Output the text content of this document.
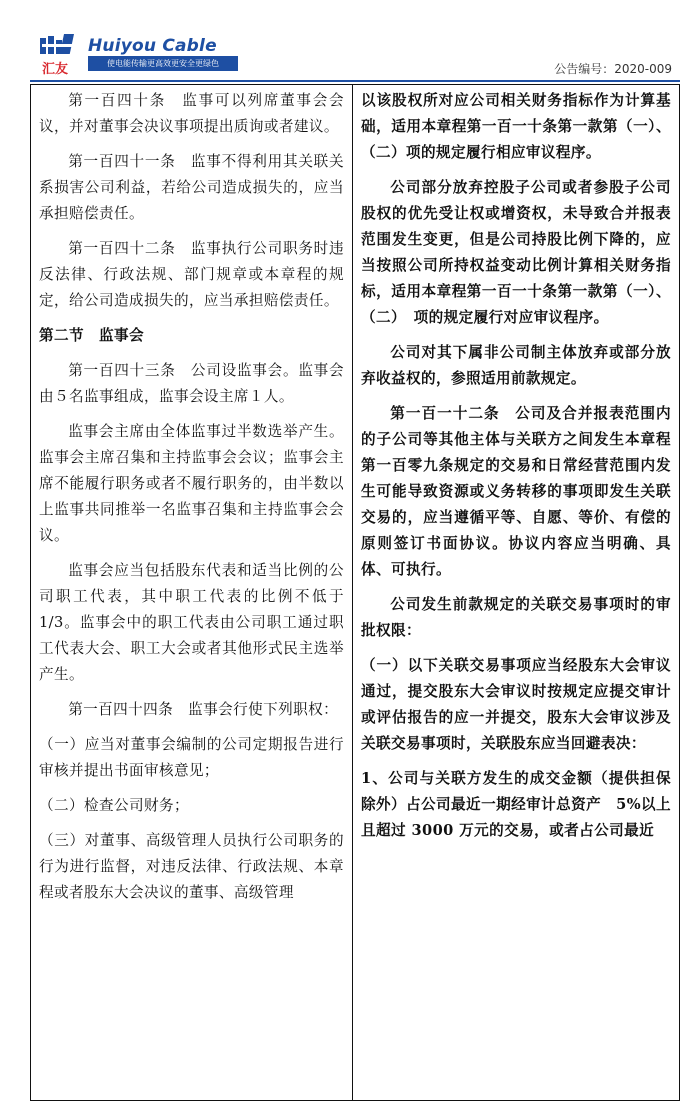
汇友
Huiyou Cable
使电能传输更高效更安全更绿色	公告编号：2020-009

第一百四十条　监事可以列席董事会会议，并对董事会决议事项提出质询或者建议。

第一百四十一条　监事不得利用其关联关系损害公司利益，若给公司造成损失的，应当承担赔偿责任。

第一百四十二条　监事执行公司职务时违反法律、行政法规、部门规章或本章程的规定，给公司造成损失的，应当承担赔偿责任。

第二节　监事会

第一百四十三条　公司设监事会。监事会由５名监事组成，监事会设主席１人。

监事会主席由全体监事过半数选举产生。监事会主席召集和主持监事会会议；监事会主席不能履行职务或者不履行职务的，由半数以上监事共同推举一名监事召集和主持监事会会议。

监事会应当包括股东代表和适当比例的公司职工代表，其中职工代表的比例不低于1/3。监事会中的职工代表由公司职工通过职工代表大会、职工大会或者其他形式民主选举产生。

第一百四十四条　监事会行使下列职权：

（一）应当对董事会编制的公司定期报告进行审核并提出书面审核意见；

（二）检查公司财务；

（三）对董事、高级管理人员执行公司职务的行为进行监督，对违反法律、行政法规、本章程或者股东大会决议的董事、高级管理

以该股权所对应公司相关财务指标作为计算基础，适用本章程第一百一十条第一款第（一）、（二）项的规定履行相应审议程序。

公司部分放弃控股子公司或者参股子公司股权的优先受让权或增资权，未导致合并报表范围发生变更，但是公司持股比例下降的，应当按照公司所持权益变动比例计算相关财务指标，适用本章程第一百一十条第一款第（一）、（二）　项的规定履行对应审议程序。

公司对其下属非公司制主体放弃或部分放弃收益权的，参照适用前款规定。

第一百一十二条　公司及合并报表范围内的子公司等其他主体与关联方之间发生本章程第一百零九条规定的交易和日常经营范围内发生可能导致资源或义务转移的事项即发生关联交易的，应当遵循平等、自愿、等价、有偿的原则签订书面协议。协议内容应当明确、具体、可执行。

公司发生前款规定的关联交易事项时的审批权限：

（一）以下关联交易事项应当经股东大会审议通过，提交股东大会审议时按规定应提交审计或评估报告的应一并提交，股东大会审议涉及关联交易事项时，关联股东应当回避表决：

1、公司与关联方发生的成交金额（提供担保除外）占公司最近一期经审计总资产　5%以上且超过 3000 万元的交易，或者占公司最近
